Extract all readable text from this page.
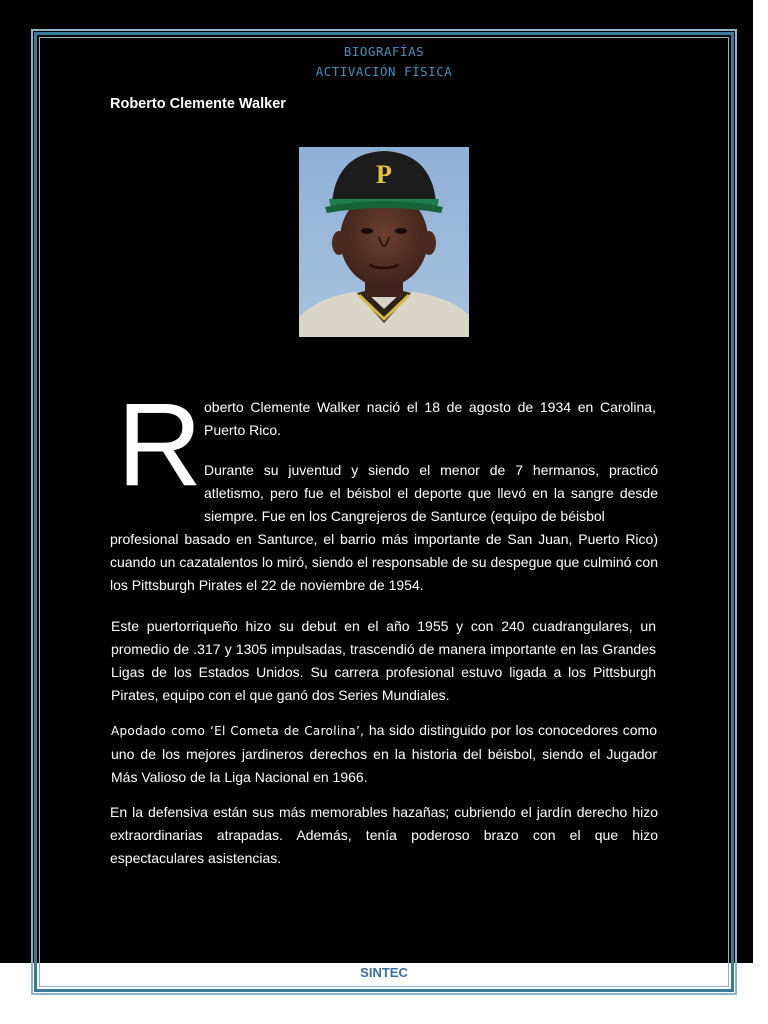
BIOGRAFÍAS
ACTIVACIÓN FÍSICA
Roberto Clemente Walker
P
R oberto Clemente Walker nació el 18 de agosto de 1934 en Carolina, Puerto Rico.
Durante su juventud y siendo el menor de 7 hermanos, practicó atletismo, pero fue el béisbol el deporte que llevó en la sangre desde siempre. Fue en los Cangrejeros de Santurce (equipo de béisbol
profesional basado en Santurce, el barrio más importante de San Juan, Puerto Rico) cuando un cazatalentos lo miró, siendo el responsable de su despegue que culminó con los Pittsburgh Pirates el 22 de noviembre de 1954.
Este puertorriqueño hizo su debut en el año 1955 y con 240 cuadrangulares, un promedio de .317 y 1305 impulsadas, trascendió de manera importante en las Grandes Ligas de los Estados Unidos. Su carrera profesional estuvo ligada a los Pittsburgh Pirates, equipo con el que ganó dos Series Mundiales.
Apodado como ‘El Cometa de Carolina’, ha sido distinguido por los conocedores como uno de los mejores jardineros derechos en la historia del béisbol, siendo el Jugador Más Valioso de la Liga Nacional en 1966.
En la defensiva están sus más memorables hazañas; cubriendo el jardín derecho hizo extraordinarias atrapadas. Además, tenía poderoso brazo con el que hizo espectaculares asistencias.
SINTEC
